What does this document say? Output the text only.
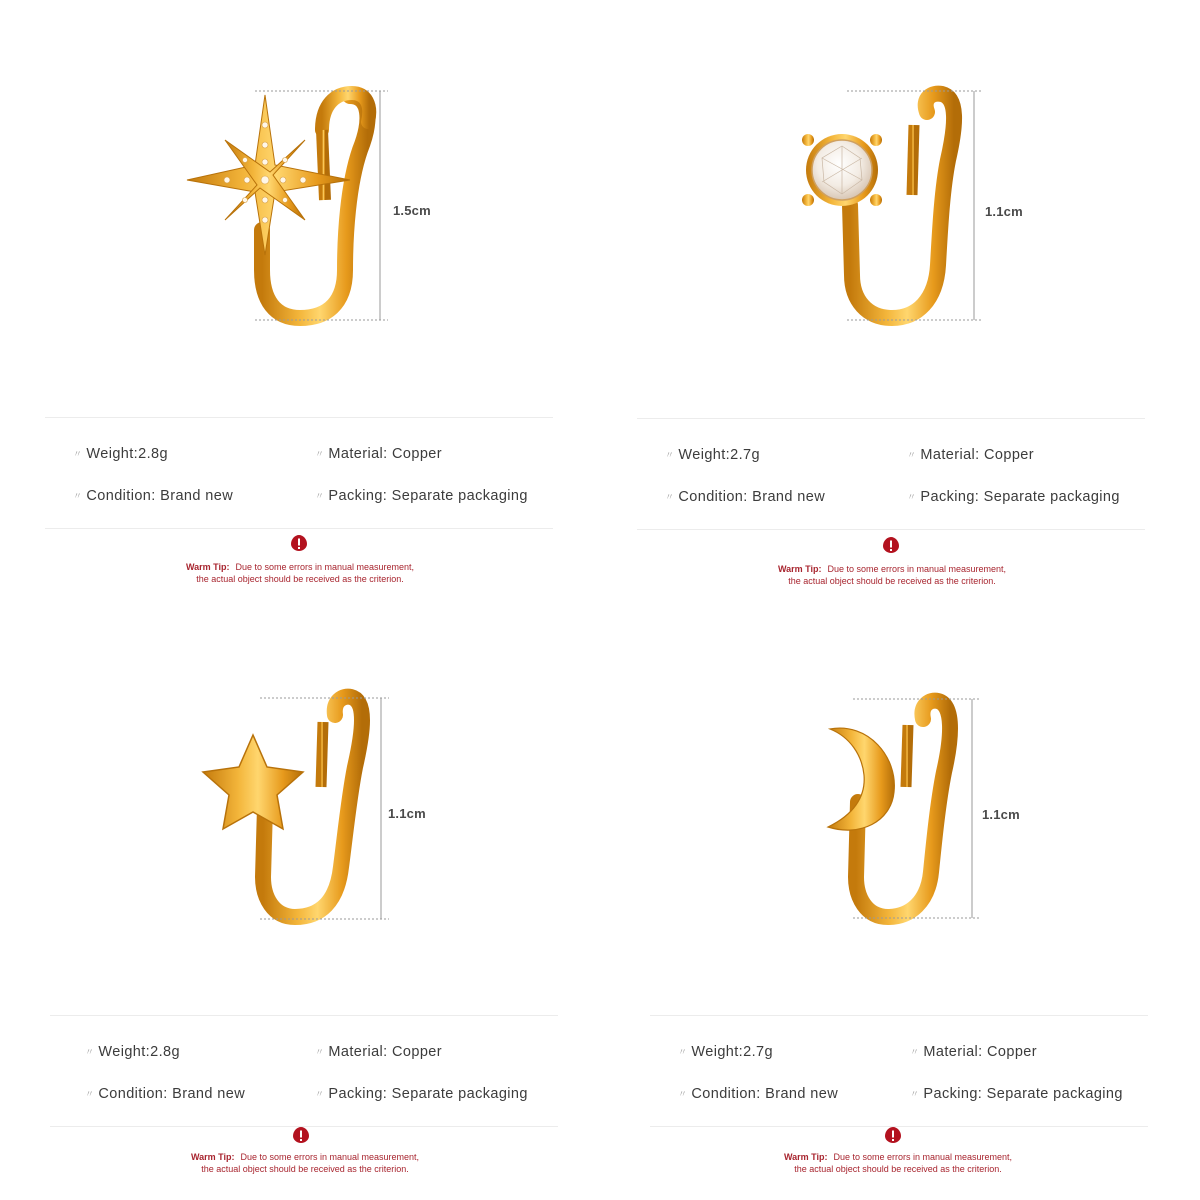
1.5cm
〃 Weight:2.8g	〃 Material: Copper
〃 Condition: Brand new	〃 Packing: Separate packaging
Warm Tip: Due to some errors in manual measurement,
the actual object should be received as the criterion.
1.1cm
〃 Weight:2.7g	〃 Material: Copper
〃 Condition: Brand new	〃 Packing: Separate packaging
Warm Tip: Due to some errors in manual measurement,
the actual object should be received as the criterion.
1.1cm
〃 Weight:2.8g	〃 Material: Copper
〃 Condition: Brand new	〃 Packing: Separate packaging
Warm Tip: Due to some errors in manual measurement,
the actual object should be received as the criterion.
1.1cm
〃 Weight:2.7g	〃 Material: Copper
〃 Condition: Brand new	〃 Packing: Separate packaging
Warm Tip: Due to some errors in manual measurement,
the actual object should be received as the criterion.
